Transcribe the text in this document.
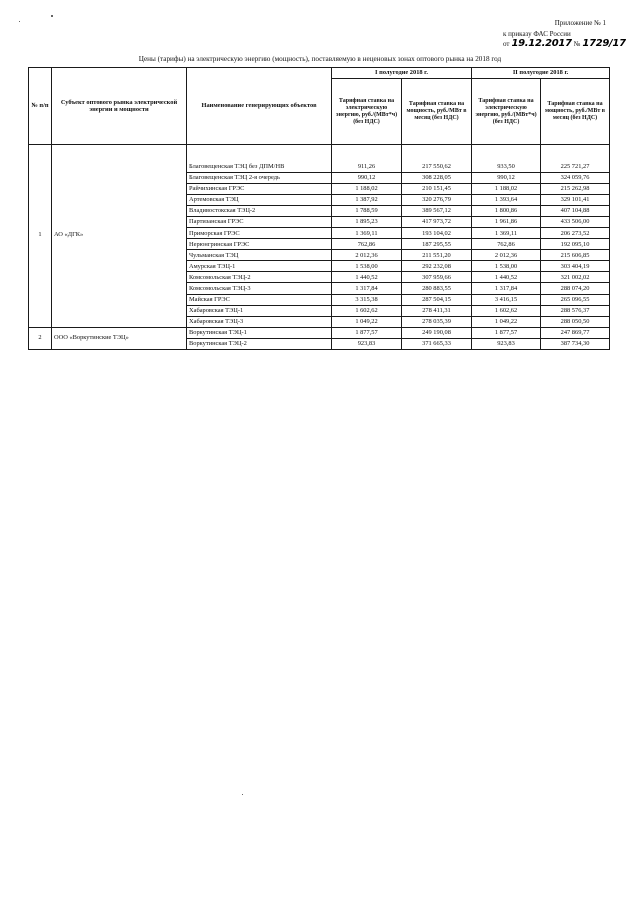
Приложение № 1
к приказу ФАС России
от 19.12.2017 № 1729/17
Цены (тарифы) на электрическую энергию (мощность), поставляемую в неценовых зонах оптового рынка на 2018 год
№ п/п	Субъект оптового рынка электрической энергии и мощности	Наименование генерирующих объектов	I полугодие 2018 г.		II полугодие 2018 г.	
			Тарифная ставка на электрическую энергию, руб./(МВт*ч) (без НДС)	Тарифная ставка на мощность, руб./МВт в месяц (без НДС)	Тарифная ставка на электрическую энергию, руб./(МВт*ч) (без НДС)	Тарифная ставка на мощность, руб./МВт в месяц (без НДС)
1	АО «ДГК»	Благовещенская ТЭЦ без ДПМ/НВ	911,26	217 550,62	933,50	225 721,27
		Благовещенская ТЭЦ 2-я очередь	990,12	308 228,05	990,12	324 059,76
		Райчихинская ГРЭС	1 188,02	210 151,45	1 188,02	215 262,98
		Артемовская ТЭЦ	1 387,92	320 276,79	1 393,64	329 101,41
		Владивостокская ТЭЦ-2	1 788,59	389 567,12	1 800,86	407 104,88
		Партизанская ГРЭС	1 895,23	417 973,72	1 961,86	433 506,00
		Приморская ГРЭС	1 369,11	193 104,02	1 369,11	206 273,52
		Нерюнгринская ГРЭС	762,86	187 295,55	762,86	192 095,10
		Чульманская ТЭЦ	2 012,36	211 551,20	2 012,36	215 606,85
		Амурская ТЭЦ-1	1 538,00	292 232,08	1 538,00	303 404,19
		Комсомольская ТЭЦ-2	1 440,52	307 959,66	1 440,52	321 002,02
		Комсомольская ТЭЦ-3	1 317,84	280 883,55	1 317,84	288 074,20
		Майская ГРЭС	3 315,38	287 504,15	3 416,15	265 096,55
		Хабаровская ТЭЦ-1	1 602,62	278 411,31	1 602,62	288 576,37
		Хабаровская ТЭЦ-3	1 049,22	278 035,39	1 049,22	288 050,50
2	ООО «Воркутинские ТЭЦ»	Воркутинская ТЭЦ-1	1 877,57	249 190,08	1 877,57	247 869,77
		Воркутинская ТЭЦ-2	923,83	371 665,33	923,83	387 734,30
